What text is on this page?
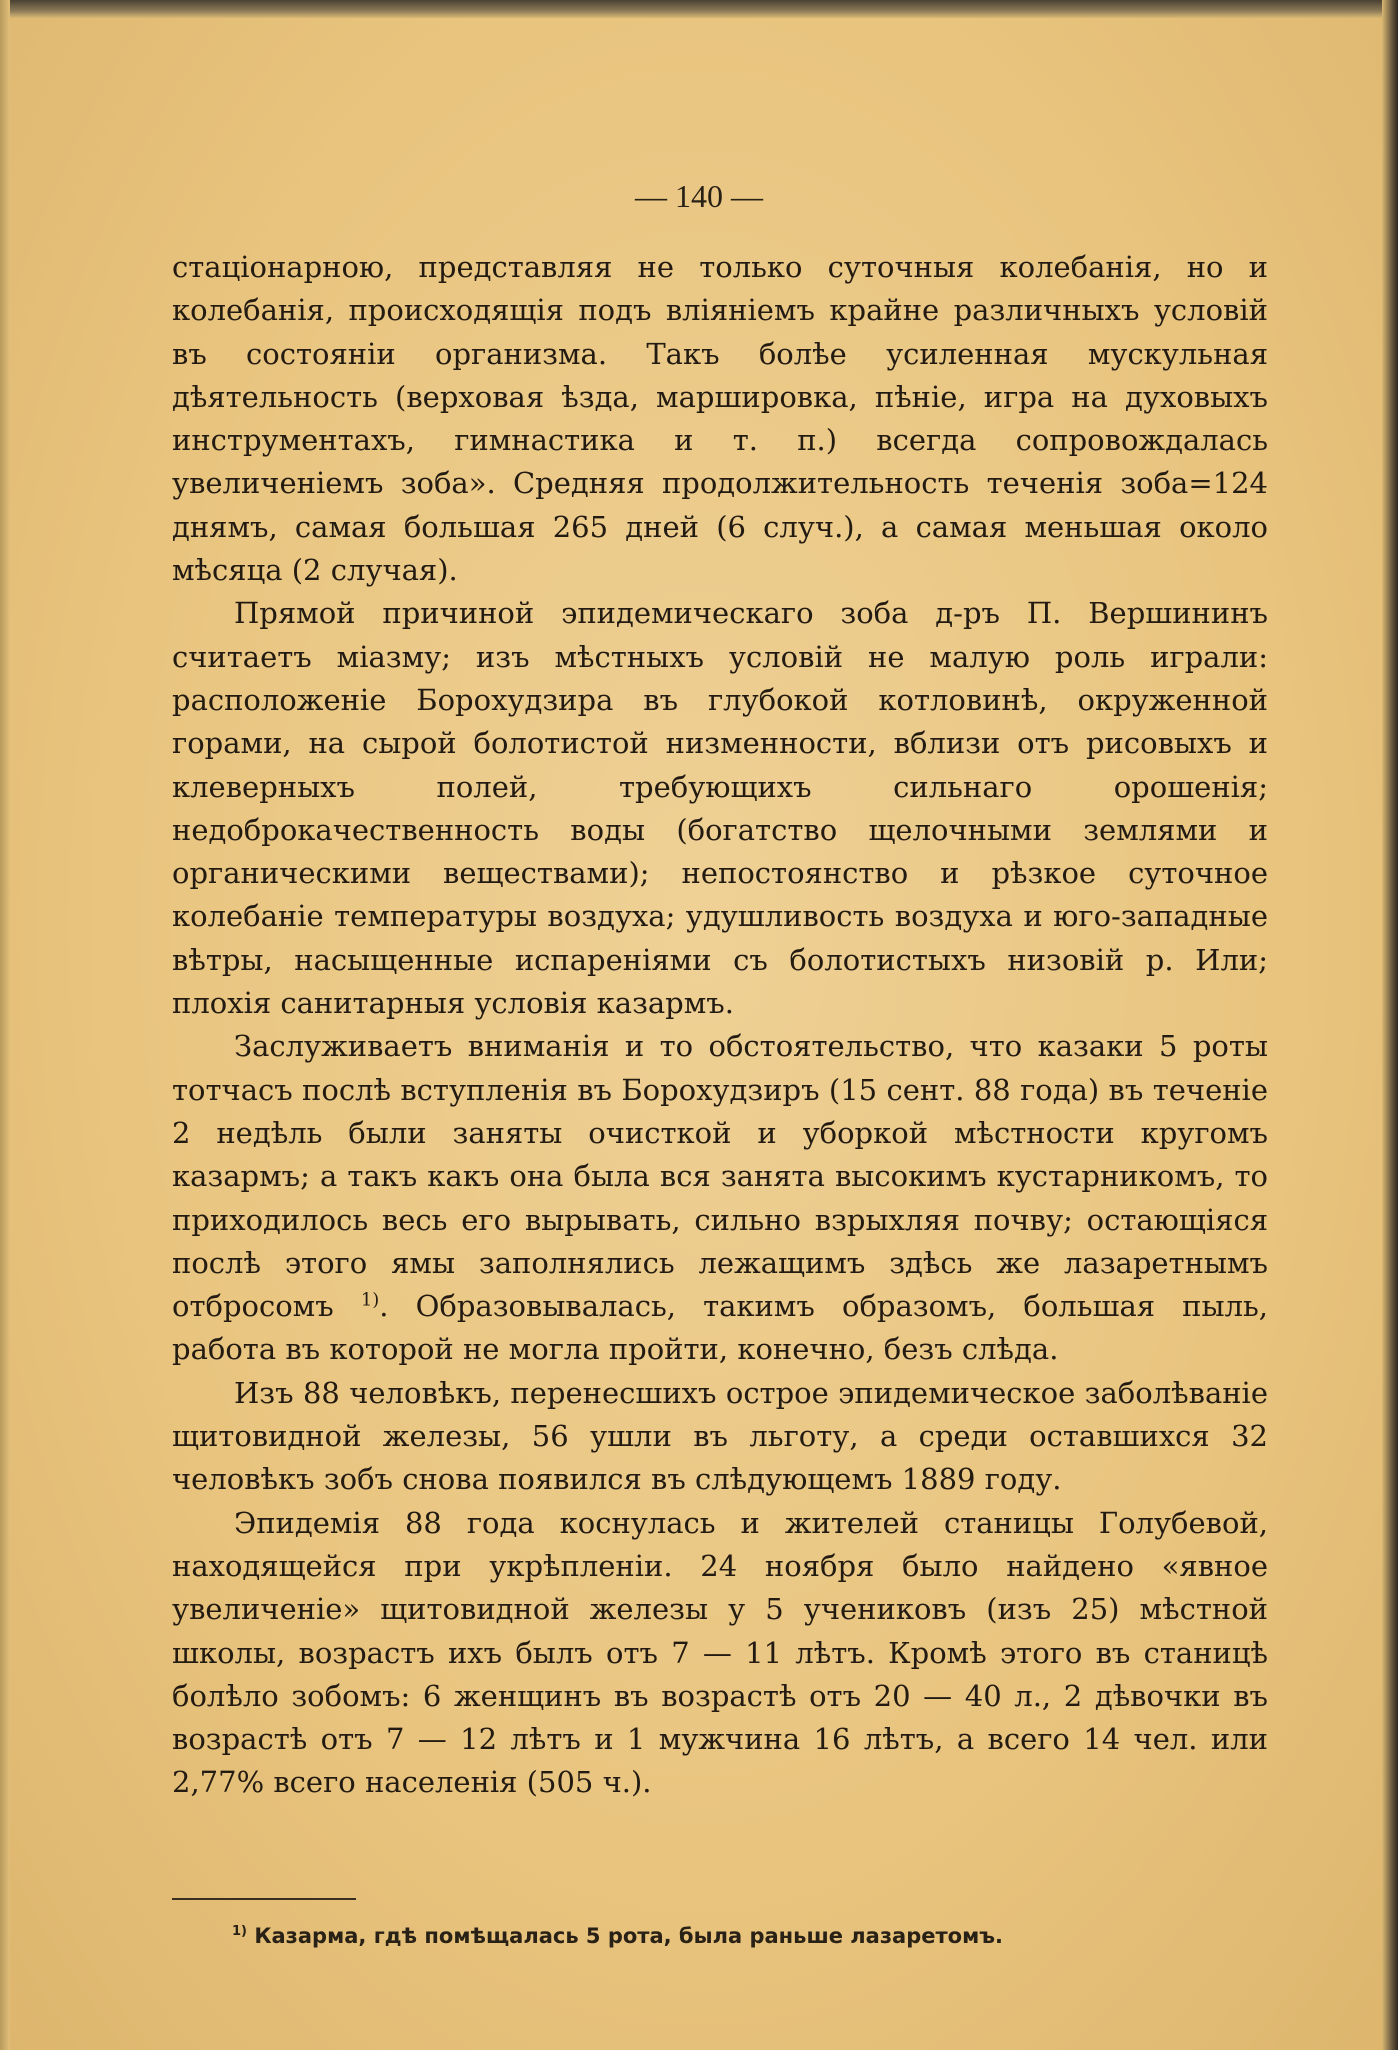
— 140 —

стаціонарною, представляя не только суточныя колебанія, но и колебанія, происходящія подъ вліяніемъ крайне различныхъ условій въ состояніи организма. Такъ болѣе усиленная мускульная дѣятельность (верховая ѣзда, маршировка, пѣніе, игра на духовыхъ инструментахъ, гимнастика и т. п.) всегда сопровождалась увеличеніемъ зоба». Средняя продолжительность теченія зоба=124 днямъ, самая большая 265 дней (6 случ.), а самая меньшая около мѣсяца (2 случая).

Прямой причиной эпидемическаго зоба д-ръ П. Вершининъ считаетъ міазму; изъ мѣстныхъ условій не малую роль играли: расположеніе Борохудзира въ глубокой котловинѣ, окруженной горами, на сырой болотистой низменности, вблизи отъ рисовыхъ и клеверныхъ полей, требующихъ сильнаго орошенія; недоброкачественность воды (богатство щелочными землями и органическими веществами); непостоянство и рѣзкое суточное колебаніе температуры воздуха; удушливость воздуха и юго-западные вѣтры, насыщенные испареніями съ болотистыхъ низовій р. Или; плохія санитарныя условія казармъ.

Заслуживаетъ вниманія и то обстоятельство, что казаки 5 роты тотчасъ послѣ вступленія въ Борохудзиръ (15 сент. 88 года) въ теченіе 2 недѣль были заняты очисткой и уборкой мѣстности кругомъ казармъ; а такъ какъ она была вся занята высокимъ кустарникомъ, то приходилось весь его вырывать, сильно взрыхляя почву; остающіяся послѣ этого ямы заполнялись лежащимъ здѣсь же лазаретнымъ отбросомъ $^{1)}$. Образовывалась, такимъ образомъ, большая пыль, работа въ которой не могла пройти, конечно, безъ слѣда.

Изъ 88 человѣкъ, перенесшихъ острое эпидемическое заболѣваніе щитовидной железы, 56 ушли въ льготу, а среди оставшихся 32 человѣкъ зобъ снова появился въ слѣдующемъ 1889 году.

Эпидемія 88 года коснулась и жителей станицы Голубевой, находящейся при укрѣпленіи. 24 ноября было найдено «явное увеличеніе» щитовидной железы у 5 учениковъ (изъ 25) мѣстной школы, возрастъ ихъ былъ отъ 7 — 11 лѣтъ. Кромѣ этого въ станицѣ болѣло зобомъ: 6 женщинъ въ возрастѣ отъ 20 — 40 л., 2 дѣвочки въ возрастѣ отъ 7 — 12 лѣтъ и 1 мужчина 16 лѣтъ, а всего 14 чел. или 2,77% всего населенія (505 ч.).

$^{1)}$ Казарма, гдѣ помѣщалась 5 рота, была раньше лазаретомъ.
